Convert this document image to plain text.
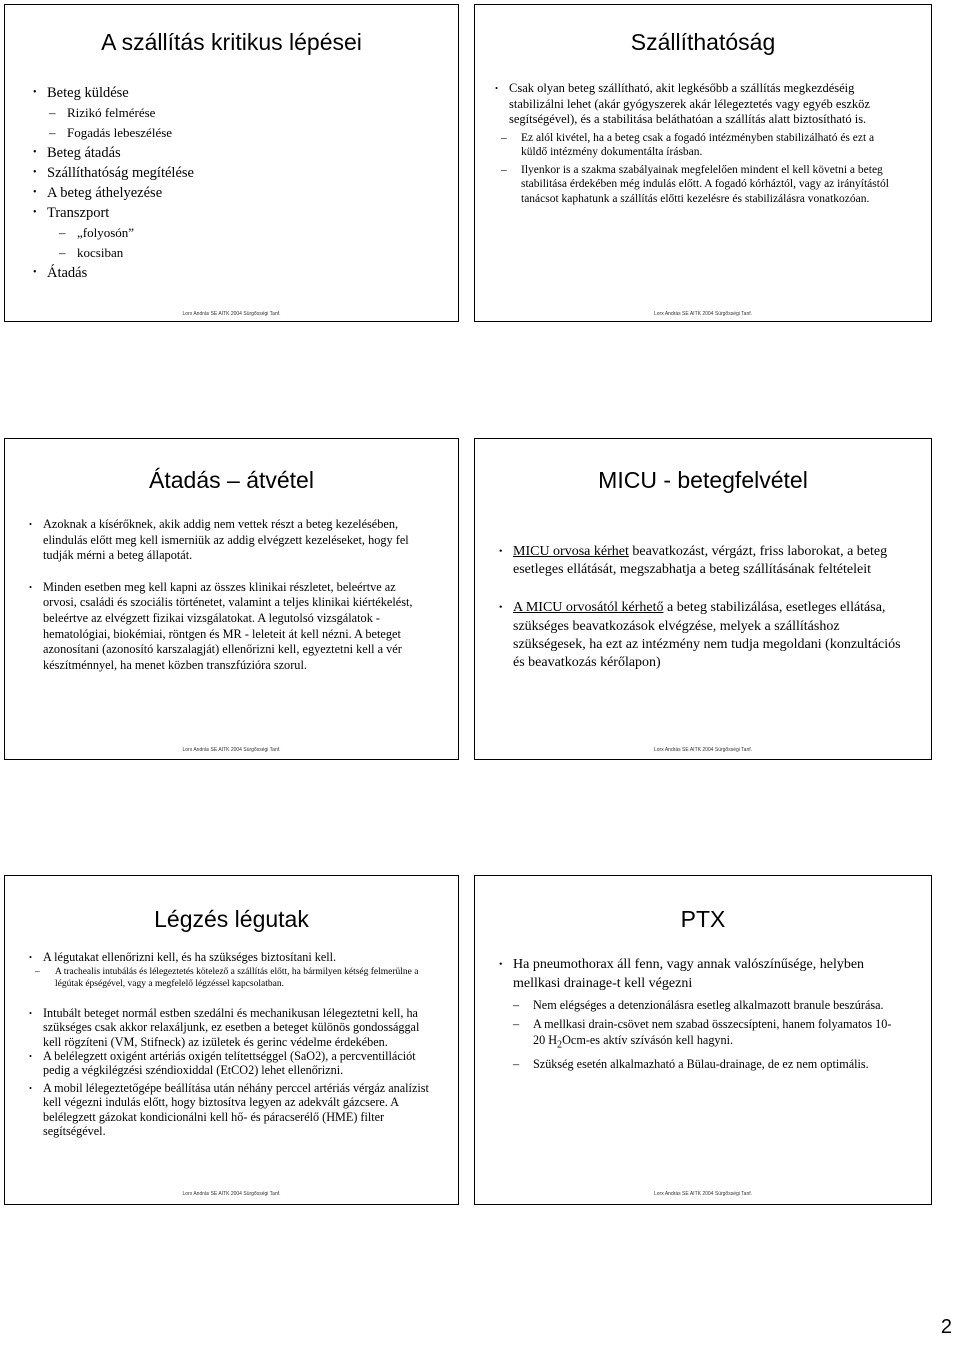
A szállítás kritikus lépései

• Beteg küldése

– Rizikó felmérése

– Fogadás lebeszélése

• Beteg átadás

• Szállíthatóság megítélése

• A beteg áthelyezése

• Transzport

– „folyosón”

– kocsiban

• Átadás

Lorx András SE AITK 2004 Sürgősségi Tanf.
Szállíthatóság

• Csak olyan beteg szállítható, akit legkésőbb a szállítás megkezdéséig stabilizálni lehet (akár gyógyszerek akár lélegeztetés vagy egyéb eszköz segítségével), és a stabilitása beláthatóan a szállítás alatt biztosítható is.

– Ez alól kivétel, ha a beteg csak a fogadó intézményben stabilizálható és ezt a küldő intézmény dokumentálta írásban.

– Ilyenkor is a szakma szabályainak megfelelően mindent el kell követni a beteg stabilitása érdekében még indulás előtt. A fogadó kórháztól, vagy az irányítástól tanácsot kaphatunk a szállítás előtti kezelésre és stabilizálásra vonatkozóan.

Lorx András SE AITK 2004 Sürgősségi Tanf.
Átadás – átvétel

• Azoknak a kísérőknek, akik addig nem vettek részt a beteg kezelésében, elindulás előtt meg kell ismerniük az addig elvégzett kezeléseket, hogy fel tudják mérni a beteg állapotát.

• Minden esetben meg kell kapni az összes klinikai részletet, beleértve az orvosi, családi és szociális történetet, valamint a teljes klinikai kiértékelést, beleértve az elvégzett fizikai vizsgálatokat. A legutolsó vizsgálatok - hematológiai, biokémiai, röntgen és MR - leleteit át kell nézni. A beteget azonosítani (azonosító karszalagját) ellenőrizni kell, egyeztetni kell a vér készítménnyel, ha menet közben transzfúzióra szorul.

Lorx András SE AITK 2004 Sürgősségi Tanf.
MICU - betegfelvétel

• MICU orvosa kérhet beavatkozást, vérgázt, friss laborokat, a beteg esetleges ellátását, megszabhatja a beteg szállításának feltételeit

• A MICU orvosától kérhető a beteg stabilizálása, esetleges ellátása, szükséges beavatkozások elvégzése, melyek a szállításhoz szükségesek, ha ezt az intézmény nem tudja megoldani (konzultációs és beavatkozás kérőlapon)

Lorx András SE AITK 2004 Sürgősségi Tanf.
Légzés légutak

• A légutakat ellenőrizni kell, és ha szükséges biztosítani kell.

– A trachealis intubálás és lélegeztetés kötelező a szállítás előtt, ha bármilyen kétség felmerülne a légútak épségével, vagy a megfelelő légzéssel kapcsolatban.

• Intubált beteget normál estben szedálni és mechanikusan lélegeztetni kell, ha szükséges csak akkor relaxáljunk, ez esetben a beteget különös gondossággal kell rögzíteni (VM, Stifneck) az izületek és gerinc védelme érdekében.

• A belélegzett oxigént artériás oxigén telítettséggel (SaO2), a percventillációt pedig a végkilégzési széndioxiddal (EtCO2) lehet ellenőrizni.

• A mobil lélegeztetőgépe beállítása után néhány perccel artériás vérgáz analízist kell végezni indulás előtt, hogy biztosítva legyen az adekvált gázcsere. A belélegzett gázokat kondicionálni kell hő- és páracserélő (HME) filter segítségével.

Lorx András SE AITK 2004 Sürgősségi Tanf.
PTX

• Ha pneumothorax áll fenn, vagy annak valószínűsége, helyben mellkasi drainage-t kell végezni

– Nem elégséges a detenzionálásra esetleg alkalmazott branule beszúrása.

– A mellkasi drain-csövet nem szabad összecsípteni, hanem folyamatos 10-20 $H_2Ocm-es$ aktív szívásón kell hagyni.

– Szükség esetén alkalmazható a Bülau-drainage, de ez nem optimális.

Lorx András SE AITK 2004 Sürgősségi Tanf.
2
